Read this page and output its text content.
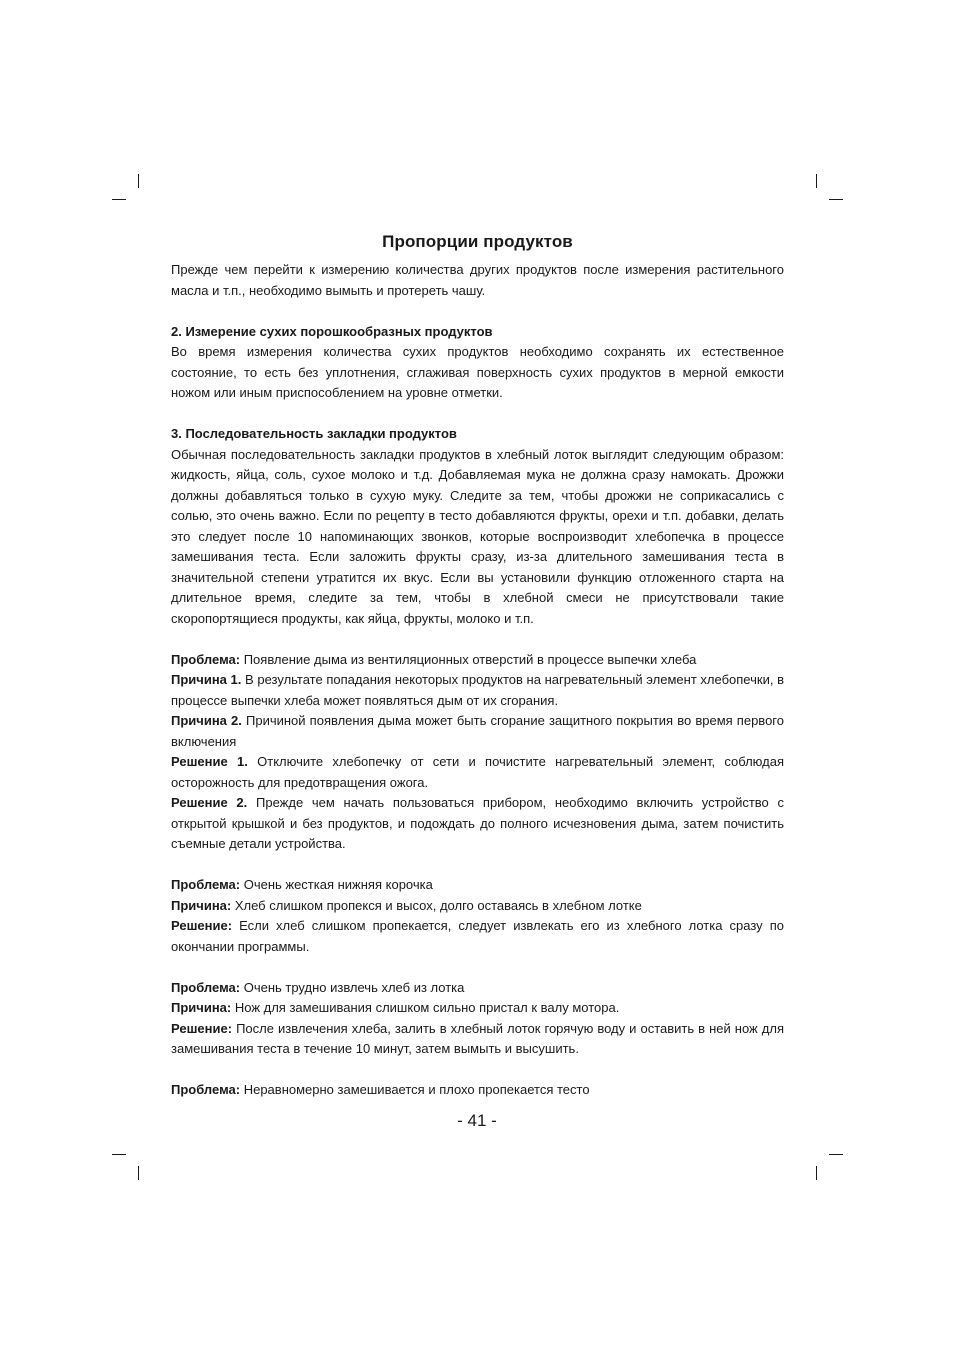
Пропорции продуктов

Прежде чем перейти к измерению количества других продуктов после измерения растительного масла и т.п., необходимо вымыть и протереть чашу.

2. Измерение сухих порошкообразных продуктов

Во время измерения количества сухих продуктов необходимо сохранять их естественное состояние, то есть без уплотнения, сглаживая поверхность сухих продуктов в мерной емкости ножом или иным приспособлением на уровне отметки.

3. Последовательность закладки продуктов

Обычная последовательность закладки продуктов в хлебный лоток выглядит следующим образом: жидкость, яйца, соль, сухое молоко и т.д. Добавляемая мука не должна сразу намокать. Дрожжи должны добавляться только в сухую муку. Следите за тем, чтобы дрожжи не соприкасались с солью, это очень важно. Если по рецепту в тесто добавляются фрукты, орехи и т.п. добавки, делать это следует после 10 напоминающих звонков, которые воспроизводит хлебопечка в процессе замешивания теста. Если заложить фрукты сразу, из-за длительного замешивания теста в значительной степени утратится их вкус. Если вы установили функцию отложенного старта на длительное время, следите за тем, чтобы в хлебной смеси не присутствовали такие скоропортящиеся продукты, как яйца, фрукты, молоко и т.п.

Проблема: Появление дыма из вентиляционных отверстий в процессе выпечки хлеба

Причина 1. В результате попадания некоторых продуктов на нагревательный элемент хлебопечки, в процессе выпечки хлеба может появляться дым от их сгорания.

Причина 2. Причиной появления дыма может быть сгорание защитного покрытия во время первого включения

Решение 1. Отключите хлебопечку от сети и почистите нагревательный элемент, соблюдая осторожность для предотвращения ожога.

Решение 2. Прежде чем начать пользоваться прибором, необходимо включить устройство с открытой крышкой и без продуктов, и подождать до полного исчезновения дыма, затем почистить съемные детали устройства.

Проблема: Очень жесткая нижняя корочка

Причина: Хлеб слишком пропекся и высох, долго оставаясь в хлебном лотке

Решение: Если хлеб слишком пропекается, следует извлекать его из хлебного лотка сразу по окончании программы.

Проблема: Очень трудно извлечь хлеб из лотка

Причина: Нож для замешивания слишком сильно пристал к валу мотора.

Решение: После извлечения хлеба, залить в хлебный лоток горячую воду и оставить в ней нож для замешивания теста в течение 10 минут, затем вымыть и высушить.

Проблема: Неравномерно замешивается и плохо пропекается тесто

- 41 -
